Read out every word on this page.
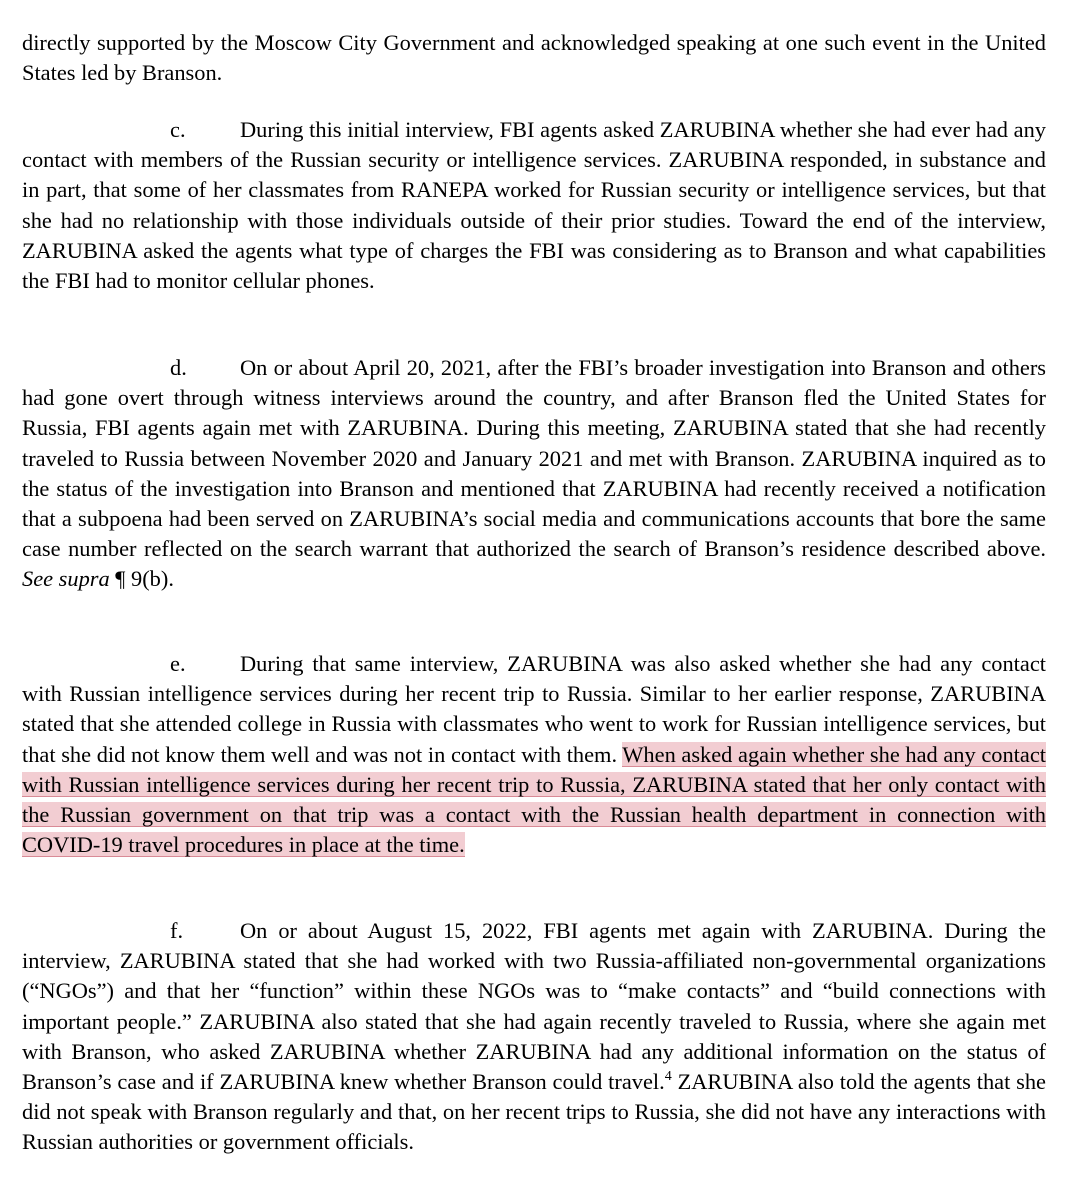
directly supported by the Moscow City Government and acknowledged speaking at one such event in the United States led by Branson.

c. During this initial interview, FBI agents asked ZARUBINA whether she had ever had any contact with members of the Russian security or intelligence services. ZARUBINA responded, in substance and in part, that some of her classmates from RANEPA worked for Russian security or intelligence services, but that she had no relationship with those individuals outside of their prior studies. Toward the end of the interview, ZARUBINA asked the agents what type of charges the FBI was considering as to Branson and what capabilities the FBI had to monitor cellular phones.

d. On or about April 20, 2021, after the FBI’s broader investigation into Branson and others had gone overt through witness interviews around the country, and after Branson fled the United States for Russia, FBI agents again met with ZARUBINA. During this meeting, ZARUBINA stated that she had recently traveled to Russia between November 2020 and January 2021 and met with Branson. ZARUBINA inquired as to the status of the investigation into Branson and mentioned that ZARUBINA had recently received a notification that a subpoena had been served on ZARUBINA’s social media and communications accounts that bore the same case number reflected on the search warrant that authorized the search of Branson’s residence described above. See supra ¶ 9(b).

e. During that same interview, ZARUBINA was also asked whether she had any contact with Russian intelligence services during her recent trip to Russia. Similar to her earlier response, ZARUBINA stated that she attended college in Russia with classmates who went to work for Russian intelligence services, but that she did not know them well and was not in contact with them. When asked again whether she had any contact with Russian intelligence services during her recent trip to Russia, ZARUBINA stated that her only contact with the Russian government on that trip was a contact with the Russian health department in connection with COVID-19 travel procedures in place at the time.

f.	On or about August 15, 2022, FBI agents met again with ZARUBINA. During the interview, ZARUBINA stated that she had worked with two Russia-affiliated non-governmental organizations (“NGOs”) and that her “function” within these NGOs was to “make contacts” and “build connections with important people.” ZARUBINA also stated that she had again recently traveled to Russia, where she again met with Branson, who asked ZARUBINA whether ZARUBINA had any additional information on the status of Branson’s case and if ZARUBINA knew whether Branson could travel.$^4$ ZARUBINA also told the agents that she did not speak with Branson regularly and that, on her recent trips to Russia, she did not have any interactions with Russian authorities or government officials.
